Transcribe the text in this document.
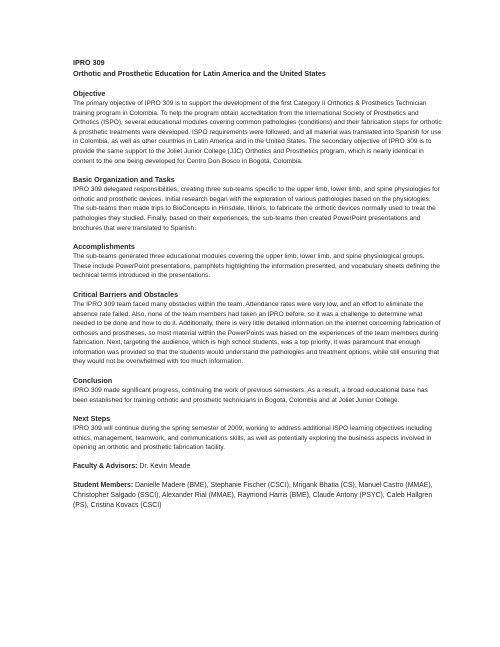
IPRO 309

Orthotic and Prosthetic Education for Latin America and the United States

Objective

The primary objective of IPRO 309 is to support the development of the first Category II Orthotics & Prosthetics Technician training program in Colombia. To help the program obtain accreditation from the International Society of Prosthetics and Orthotics (ISPO), several educational modules covering common pathologies (conditions) and their fabrication steps for orthotic & prosthetic treatments were developed. ISPO requirements were followed, and all material was translated into Spanish for use in Colombia, as well as other countries in Latin America and in the United States. The secondary objective of IPRO 309 is to provide the same support to the Joliet Junior College (JJC) Orthotics and Prosthetics program, which is nearly identical in content to the one being developed for Centro Don Bosco in Bogotá, Colombia.

Basic Organization and Tasks

IPRO 309 delegated responsibilities, creating three sub-teams specific to the upper limb, lower limb, and spine physiologies for orthotic and prosthetic devices. Initial research began with the exploration of various pathologies based on the physiologies. The sub-teams then made trips to BioConcepts in Hinsdale, Illinois, to fabricate the orthotic devices normally used to treat the pathologies they studied. Finally, based on their experiences, the sub-teams then created PowerPoint presentations and brochures that were translated to Spanish.

Accomplishments

The sub-teams generated three educational modules covering the upper limb, lower limb, and spine physiological groups. These include PowerPoint presentations, pamphlets highlighting the information presented, and vocabulary sheets defining the technical terms introduced in the presentations.

Critical Barriers and Obstacles

The IPRO 309 team faced many obstacles within the team. Attendance rates were very low, and an effort to eliminate the absence rate failed. Also, none of the team members had taken an IPRO before, so it was a challenge to determine what needed to be done and how to do it. Additionally, there is very little detailed information on the internet concerning fabrication of orthoses and prostheses, so most material within the PowerPoints was based on the experiences of the team members during fabrication. Next, targeting the audience, which is high school students, was a top priority; it was paramount that enough information was provided so that the students would understand the pathologies and treatment options, while still ensuring that they would not be overwhelmed with too much information.

Conclusion

IPRO 309 made significant progress, continuing the work of previous semesters. As a result, a broad educational base has been established for training orthotic and prosthetic technicians in Bogotá, Colombia and at Joliet Junior College.

Next Steps

IPRO 309 will continue during the spring semester of 2009, working to address additional ISPO learning objectives including ethics, management, teamwork, and communications skills, as well as potentially exploring the business aspects involved in opening an orthotic and prosthetic fabrication facility.

Faculty & Advisors: Dr. Kevin Meade

Student Members: Danielle Madere (BME), Stephanie Fischer (CSCI), Mrigank Bhatia (CS), Manuel Castro (MMAE), Christopher Salgado (SSCI), Alexander Rial (MMAE), Raymond Harris (BME), Claude Antony (PSYC), Caleb Hallgren (PS), Cristina Kovacs (CSCI)
